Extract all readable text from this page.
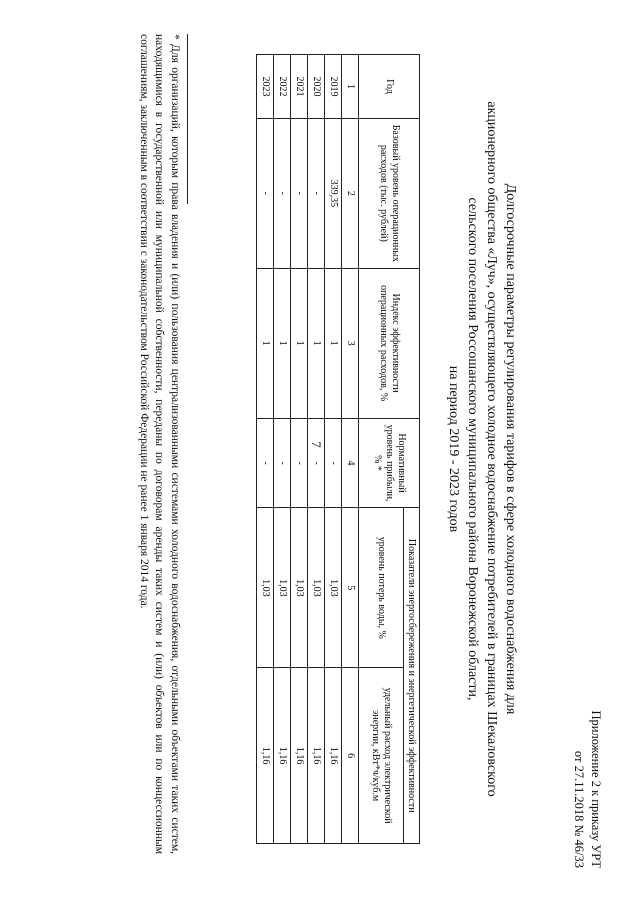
7
Приложение 2 к приказу УРТ
от 27.11.2018 № 46/33
Долгосрочные параметры регулирования тарифов в сфере холодного водоснабжения для
акционерного общества «Луч», осуществляющего холодное водоснабжение потребителей в границах Шекаловского
сельского поселения Россошанского муниципального района Воронежской области,
на период 2019 - 2023 годов
Год	Базовый уровень операционных расходов (тыс. рублей)	Индекс эффективности операционных расходов, %	Нормативный уровень прибыли, % *	Показатели энергосбережения и энергетической эффективности	
				уровень потерь воды, %	удельный расход электрической энергии, кВт*ч/куб.м
1	2	3	4	5	6
2019	339,35	1	-	1,03	1,16
2020	-	1	-	1,03	1,16
2021	-	1	-	1,03	1,16
2022	-	1	-	1,03	1,16
2023	-	1	-	1,03	1,16
* Для организаций, которым права владения и (или) пользования централизованными системами холодного водоснабжения, отдельными объектами таких систем, находящимися в государственной или муниципальной собственности, переданы по договорам аренды таких систем и (или) объектов или по концессионным соглашениям, заключенным в соответствии с законодательством Российской Федерации не ранее 1 января 2014 года.
